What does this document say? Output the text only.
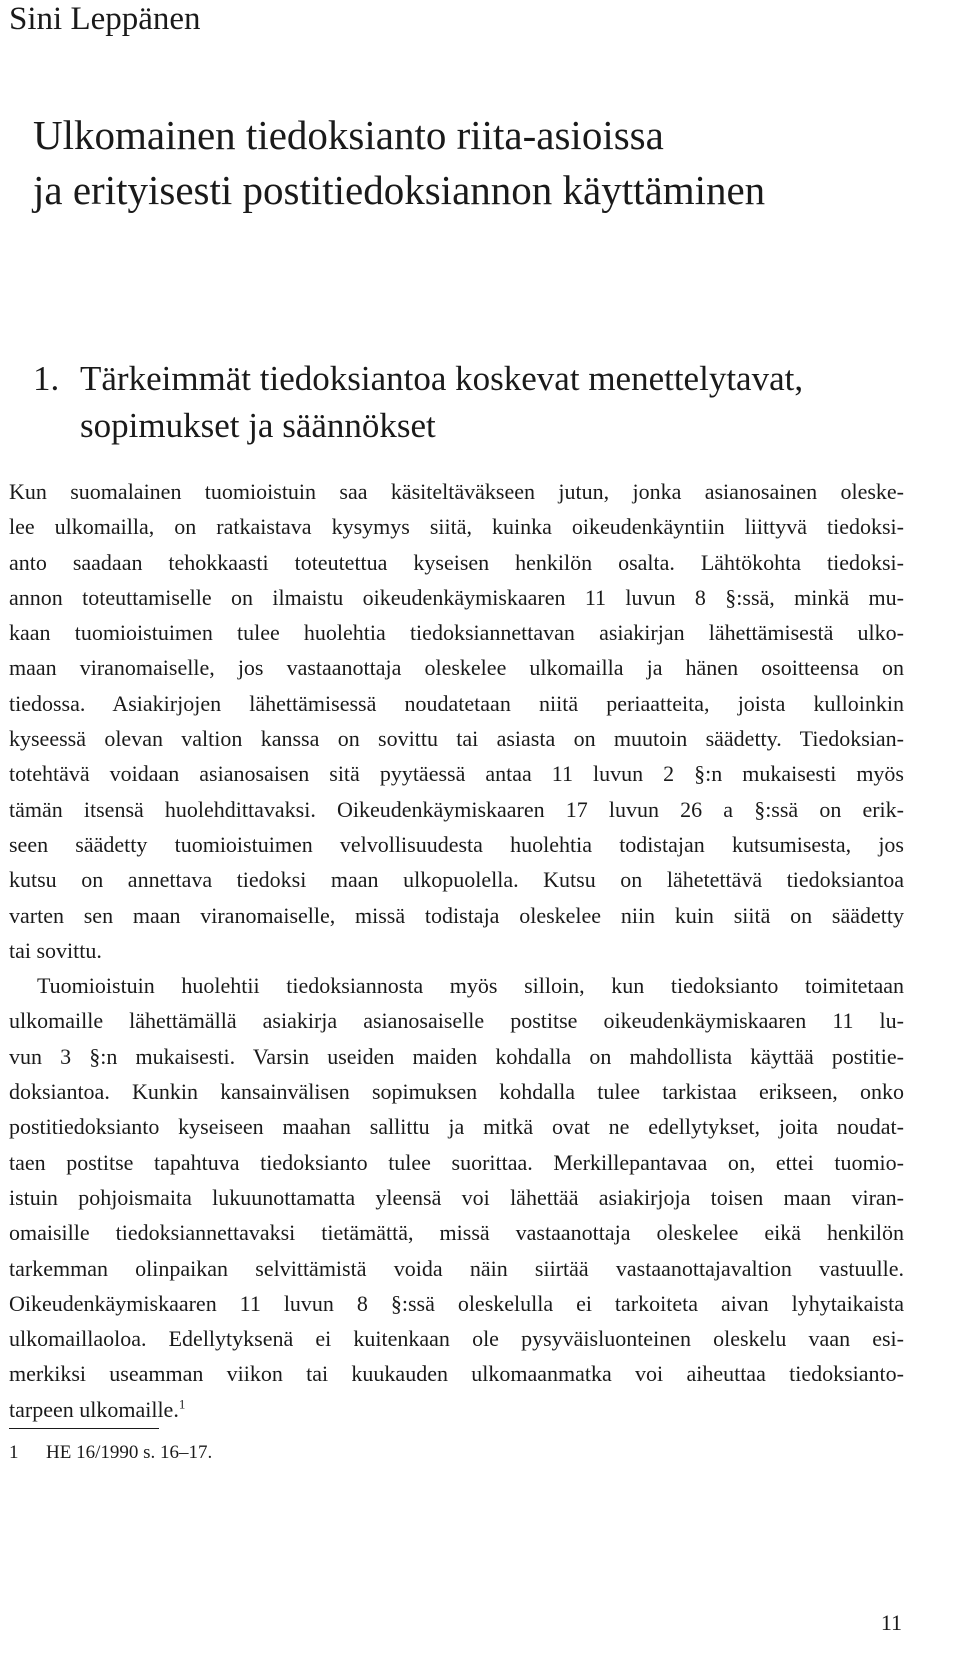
Sini Leppänen
Ulkomainen tiedoksianto riita-asioissa
ja erityisesti postitiedoksiannon käyttäminen
1. Tärkeimmät tiedoksiantoa koskevat menettelytavat,
sopimukset ja säännökset
Kun suomalainen tuomioistuin saa käsiteltäväkseen jutun, jonka asianosainen oleske-
lee ulkomailla, on ratkaistava kysymys siitä, kuinka oikeudenkäyntiin liittyvä tiedoksi-
anto saadaan tehokkaasti toteutettua kyseisen henkilön osalta. Lähtökohta tiedoksi-
annon toteuttamiselle on ilmaistu oikeudenkäymiskaaren 11 luvun 8 §:ssä, minkä mu-
kaan tuomioistuimen tulee huolehtia tiedoksiannettavan asiakirjan lähettämisestä ulko-
maan viranomaiselle, jos vastaanottaja oleskelee ulkomailla ja hänen osoitteensa on
tiedossa. Asiakirjojen lähettämisessä noudatetaan niitä periaatteita, joista kulloinkin
kyseessä olevan valtion kanssa on sovittu tai asiasta on muutoin säädetty. Tiedoksian-
totehtävä voidaan asianosaisen sitä pyytäessä antaa 11 luvun 2 §:n mukaisesti myös
tämän itsensä huolehdittavaksi. Oikeudenkäymiskaaren 17 luvun 26 a §:ssä on erik-
seen säädetty tuomioistuimen velvollisuudesta huolehtia todistajan kutsumisesta, jos
kutsu on annettava tiedoksi maan ulkopuolella. Kutsu on lähetettävä tiedoksiantoa
varten sen maan viranomaiselle, missä todistaja oleskelee niin kuin siitä on säädetty
tai sovittu.
Tuomioistuin huolehtii tiedoksiannosta myös silloin, kun tiedoksianto toimitetaan
ulkomaille lähettämällä asiakirja asianosaiselle postitse oikeudenkäymiskaaren 11 lu-
vun 3 §:n mukaisesti. Varsin useiden maiden kohdalla on mahdollista käyttää postitie-
doksiantoa. Kunkin kansainvälisen sopimuksen kohdalla tulee tarkistaa erikseen, onko
postitiedoksianto kyseiseen maahan sallittu ja mitkä ovat ne edellytykset, joita noudat-
taen postitse tapahtuva tiedoksianto tulee suorittaa. Merkillepantavaa on, ettei tuomio-
istuin pohjoismaita lukuunottamatta yleensä voi lähettää asiakirjoja toisen maan viran-
omaisille tiedoksiannettavaksi tietämättä, missä vastaanottaja oleskelee eikä henkilön
tarkemman olinpaikan selvittämistä voida näin siirtää vastaanottajavaltion vastuulle.
Oikeudenkäymiskaaren 11 luvun 8 §:ssä oleskelulla ei tarkoiteta aivan lyhytaikaista
ulkomaillaoloa. Edellytyksenä ei kuitenkaan ole pysyväisluonteinen oleskelu vaan esi-
merkiksi useamman viikon tai kuukauden ulkomaanmatka voi aiheuttaa tiedoksianto-
tarpeen ulkomaille.$^1$
1 HE 16/1990 s. 16–17.
11
